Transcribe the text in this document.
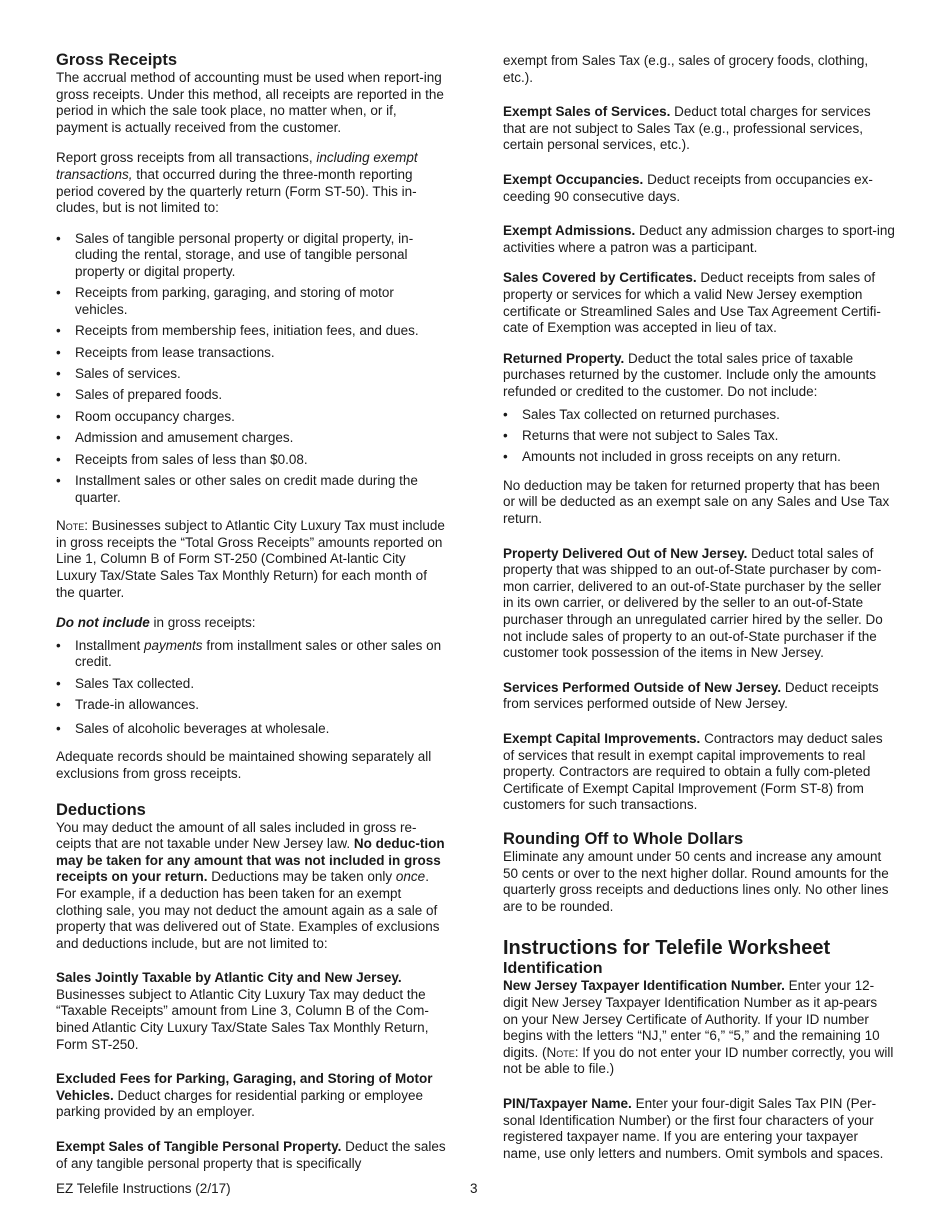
Gross Receipts

The accrual method of accounting must be used when report-ing gross receipts. Under this method, all receipts are reported in the period in which the sale took place, no matter when, or if, payment is actually received from the customer.

Report gross receipts from all transactions, including exempt transactions, that occurred during the three-month reporting period covered by the quarterly return (Form ST-50). This in-cludes, but is not limited to:

• Sales of tangible personal property or digital property, in-cluding the rental, storage, and use of tangible personal property or digital property.
• Receipts from parking, garaging, and storing of motor vehicles.
• Receipts from membership fees, initiation fees, and dues.
• Receipts from lease transactions.
• Sales of services.
• Sales of prepared foods.
• Room occupancy charges.
• Admission and amusement charges.
• Receipts from sales of less than $0.08.
• Installment sales or other sales on credit made during the quarter.

Note: Businesses subject to Atlantic City Luxury Tax must include in gross receipts the “Total Gross Receipts” amounts reported on Line 1, Column B of Form ST-250 (Combined At-lantic City Luxury Tax/State Sales Tax Monthly Return) for each month of the quarter.

Do not include in gross receipts:

• Installment payments from installment sales or other sales on credit.
• Sales Tax collected.
• Trade-in allowances.
• Sales of alcoholic beverages at wholesale.

Adequate records should be maintained showing separately all exclusions from gross receipts.

Deductions

You may deduct the amount of all sales included in gross re-ceipts that are not taxable under New Jersey law. No deduc-tion may be taken for any amount that was not included in gross receipts on your return. Deductions may be taken only once. For example, if a deduction has been taken for an exempt clothing sale, you may not deduct the amount again as a sale of property that was delivered out of State. Examples of exclusions and deductions include, but are not limited to:

Sales Jointly Taxable by Atlantic City and New Jersey. Businesses subject to Atlantic City Luxury Tax may deduct the “Taxable Receipts” amount from Line 3, Column B of the Com-bined Atlantic City Luxury Tax/State Sales Tax Monthly Return, Form ST-250.

Excluded Fees for Parking, Garaging, and Storing of Motor Vehicles. Deduct charges for residential parking or employee parking provided by an employer.

Exempt Sales of Tangible Personal Property. Deduct the sales of any tangible personal property that is specifically

exempt from Sales Tax (e.g., sales of grocery foods, clothing, etc.).

Exempt Sales of Services. Deduct total charges for services that are not subject to Sales Tax (e.g., professional services, certain personal services, etc.).

Exempt Occupancies. Deduct receipts from occupancies ex-ceeding 90 consecutive days.

Exempt Admissions. Deduct any admission charges to sport-ing activities where a patron was a participant.

Sales Covered by Certificates. Deduct receipts from sales of property or services for which a valid New Jersey exemption certificate or Streamlined Sales and Use Tax Agreement Certifi-cate of Exemption was accepted in lieu of tax.

Returned Property. Deduct the total sales price of taxable purchases returned by the customer. Include only the amounts refunded or credited to the customer. Do not include:

• Sales Tax collected on returned purchases.
• Returns that were not subject to Sales Tax.
• Amounts not included in gross receipts on any return.

No deduction may be taken for returned property that has been or will be deducted as an exempt sale on any Sales and Use Tax return.

Property Delivered Out of New Jersey. Deduct total sales of property that was shipped to an out-of-State purchaser by com-mon carrier, delivered to an out-of-State purchaser by the seller in its own carrier, or delivered by the seller to an out-of-State purchaser through an unregulated carrier hired by the seller. Do not include sales of property to an out-of-State purchaser if the customer took possession of the items in New Jersey.

Services Performed Outside of New Jersey. Deduct receipts from services performed outside of New Jersey.

Exempt Capital Improvements. Contractors may deduct sales of services that result in exempt capital improvements to real property. Contractors are required to obtain a fully com-pleted Certificate of Exempt Capital Improvement (Form ST-8) from customers for such transactions.

Rounding Off to Whole Dollars

Eliminate any amount under 50 cents and increase any amount 50 cents or over to the next higher dollar. Round amounts for the quarterly gross receipts and deductions lines only. No other lines are to be rounded.

Instructions for Telefile Worksheet
Identification

New Jersey Taxpayer Identification Number. Enter your 12-digit New Jersey Taxpayer Identification Number as it ap-pears on your New Jersey Certificate of Authority. If your ID number begins with the letters “NJ,” enter “6,” “5,” and the remaining 10 digits. (Note: If you do not enter your ID number correctly, you will not be able to file.)

PIN/Taxpayer Name. Enter your four-digit Sales Tax PIN (Per-sonal Identification Number) or the first four characters of your registered taxpayer name. If you are entering your taxpayer name, use only letters and numbers. Omit symbols and spaces.

EZ Telefile Instructions (2/17)	3
